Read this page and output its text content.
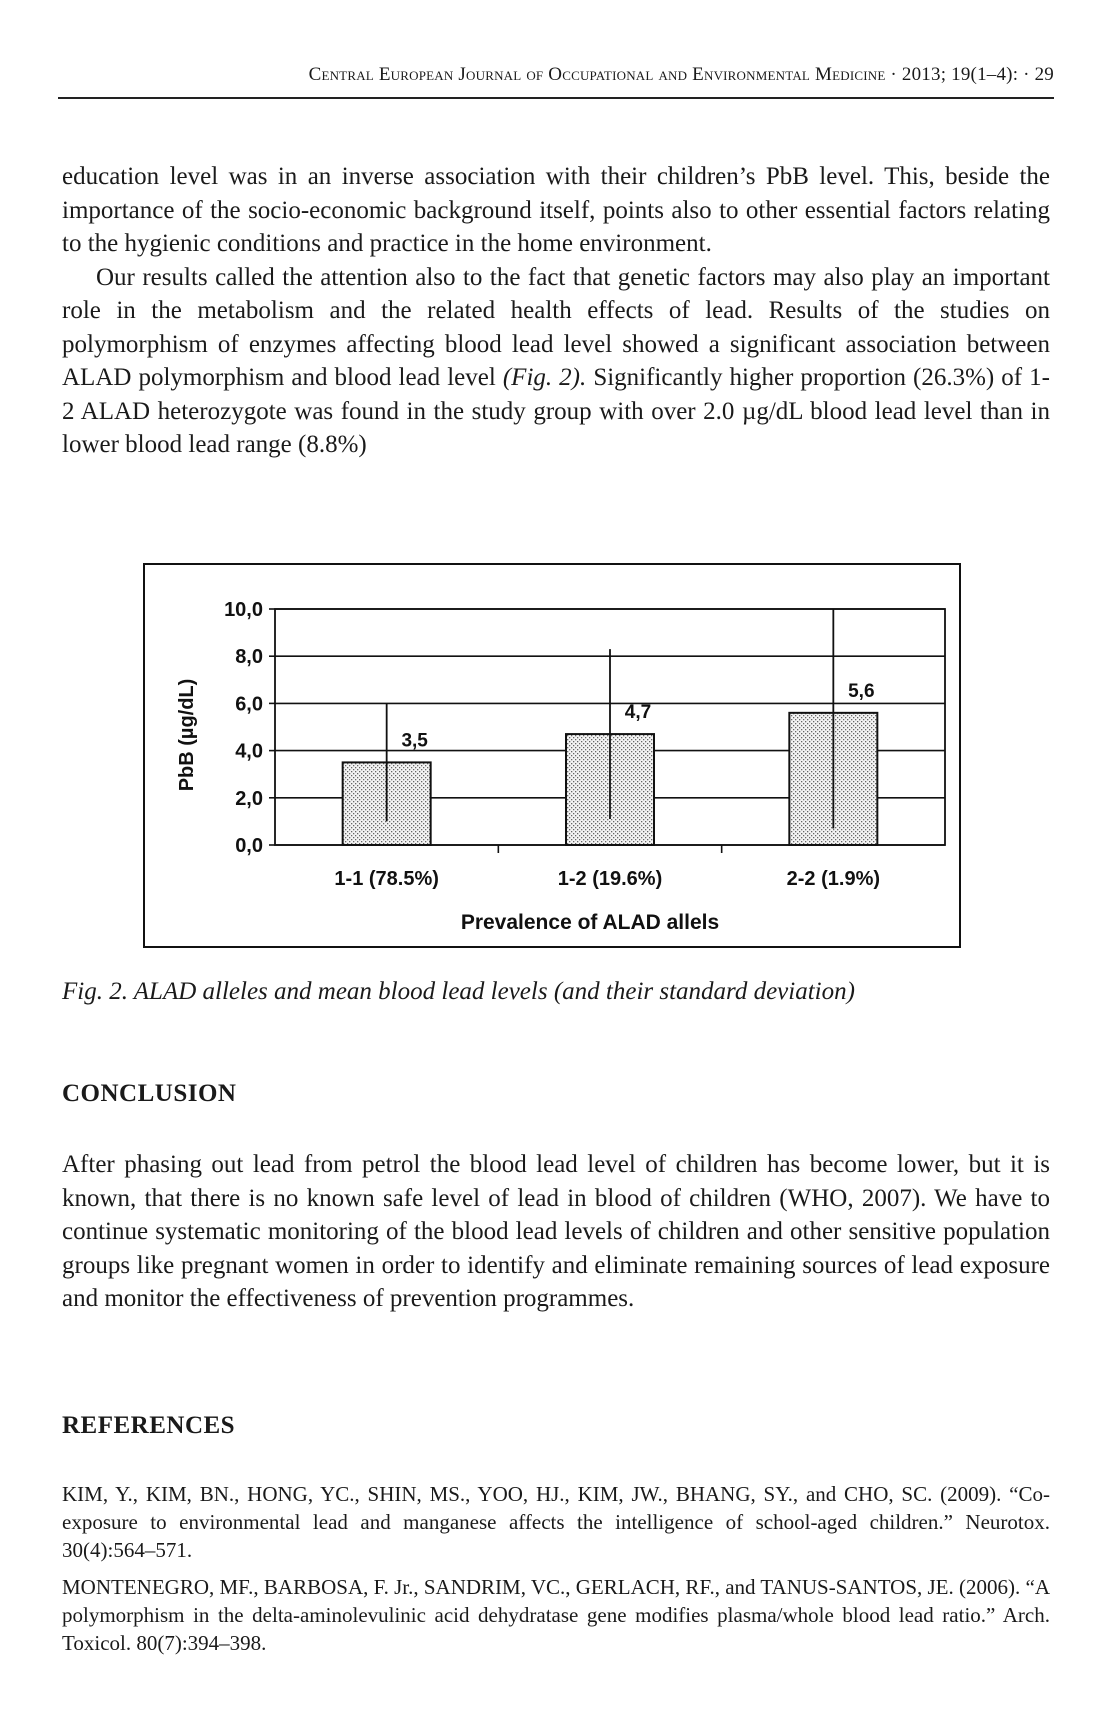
Central European Journal of Occupational and Environmental Medicine · 2013; 19(1–4): · 29

education level was in an inverse association with their children’s PbB level. This, beside the importance of the socio-economic background itself, points also to other essential factors relating to the hygienic conditions and practice in the home environment.

Our results called the attention also to the fact that genetic factors may also play an important role in the metabolism and the related health effects of lead. Results of the studies on polymorphism of enzymes affecting blood lead level showed a significant association between ALAD polymorphism and blood lead level (Fig. 2). Significantly higher proportion (26.3%) of 1-2 ALAD heterozygote was found in the study group with over 2.0 µg/dL blood lead level than in lower blood lead range (8.8%)

0,0
2,0
4,0
6,0
8,0
10,0
3,5
1-1 (78.5%)
4,7
1-2 (19.6%)
5,6
2-2 (1.9%)
Prevalence of ALAD allels
PbB (µg/dL)
Fig. 2. ALAD alleles and mean blood lead levels (and their standard deviation)
CONCLUSION

After phasing out lead from petrol the blood lead level of children has become lower, but it is known, that there is no known safe level of lead in blood of children (WHO, 2007). We have to continue systematic monitoring of the blood lead levels of children and other sensitive population groups like pregnant women in order to identify and eliminate remaining sources of lead exposure and monitor the effectiveness of prevention programmes.

REFERENCES

KIM, Y., KIM, BN., HONG, YC., SHIN, MS., YOO, HJ., KIM, JW., BHANG, SY., and CHO, SC. (2009). “Co-exposure to environmental lead and manganese affects the intelligence of school-aged children.” Neurotox. 30(4):564–571.

MONTENEGRO, MF., BARBOSA, F. Jr., SANDRIM, VC., GERLACH, RF., and TANUS-SANTOS, JE. (2006). “A polymorphism in the delta-aminolevulinic acid dehydratase gene modifies plasma/whole blood lead ratio.” Arch. Toxicol. 80(7):394–398.
